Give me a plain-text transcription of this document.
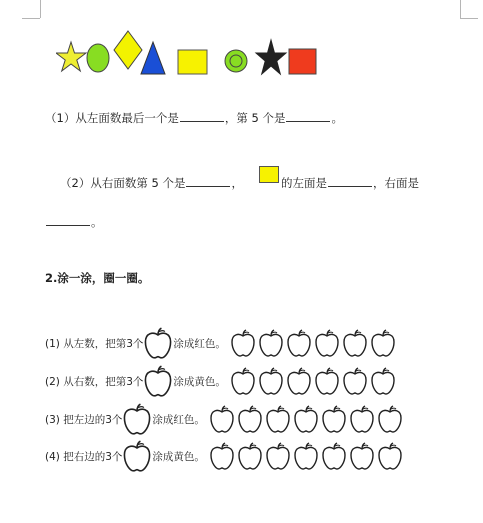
（1）从左面数最后一个是	，第 5 个是	。
（2）从右面数第 5 个是	，	的左面是	，右面是
。
2.涂一涂，圈一圈。
(1) 从左数，把第3个	涂成红色。
(2) 从右数，把第3个	涂成黄色。
(3) 把左边的3个	涂成红色。
(4) 把右边的3个	涂成黄色。
